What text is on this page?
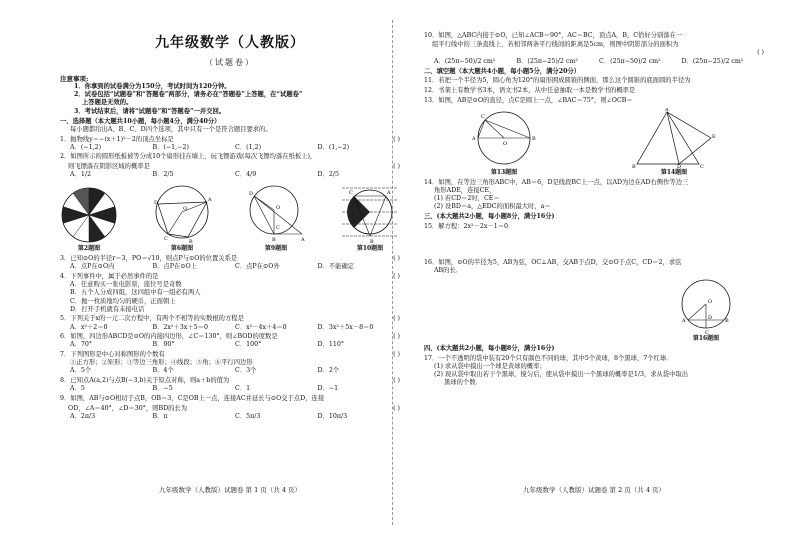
九年级数学（人教版）
（试题卷）
注意事项:
1．你拿到的试卷满分为150分，考试时间为120分钟。
2．试卷包括“试题卷”和“答题卷”两部分，请务必在“答题卷”上答题，在“试题卷”
上答题是无效的。
3．考试结束后，请将“试题卷”和“答题卷”一并交回。
一、选择题（本大题共10小题，每小题4分，满分40分）
每小题都给出A、B、C、D四个选项，其中只有一个是符合题目要求的。
1．抛物线y＝−(x＋1)²－2的顶点坐标是	( )
A．(−1,2)	B．(−1,−2)	C．(1,2)	D．(1,−2)
2．如图所示的圆形纸板被等分成10个扇形挂在墙上，玩飞镖游戏(每次飞镖均落在纸板上)，
则飞镖落在阴影区域的概率是	( )
A．1/2	B．2/5	C．4/9	D．2/5
第2题图
D	A
B
C
O
第6题图
D
O
C
B	A
第9题图
C	A
B
第10题图
3．已知⊙O的半径r＝3，PO＝√10，则点P与⊙O的位置关系是	( )
A．点P在⊙O内	B．点P在⊙O上	C．点P在⊙O外	D．不能确定
4．下列事件中，属于必然事件的是	( )
A．任意购买一张电影票，座位号是奇数
B．五个人分成四组，这四组中有一组必有两人
C．抛一枚质地均匀的硬币，正面朝上
D．打开手机就有未接电话
5．下列关于x的一元二次方程中，有两个不相等的实数根的方程是	( )
A．x²＋2＝0	B．2x²＋3x＋5＝0	C．x²－4x＋4＝0	D．3x²＋5x－8＝0
6．如图，四边形ABCD是⊙O的内接四边形，∠C＝130°，则∠BOD的度数是	( )
A．70°	B．90°	C．100°	D．110°
7．下列图形是中心对称图形的个数有	( )
①正方形；②矩形；③等边三角形；④线段；⑤角；⑥平行四边形
A．5个	B．4个	C．3个	D．2个
8．已知点A(a,2)与点B(−3,b)关于原点对称，则a＋b的值为	( )
A．5	B．−5	C．1	D．−1
9．如图，AB与⊙O相切于点B，OB＝3，C是OB上一点，连接AC并延长与⊙O交于点D，连接
OD，∠A＝40°，∠D＝30°，则BD的长为	( )
A．2π/3	B．π	C．5π/3	D．10π/3
九年级数学（人教版）试题卷 第 1 页（共 4 页）
10．如图，△ABC内接于⊙O，已知∠ACB＝90°，AC＝BC，顶点A，B，C恰好分别落在一
组平行线中的三条直线上，若相邻两条平行线间的距离是5cm，则图中阴影部分的面积为
( )
A．(25π−50)/2 cm²	B．(25π−25)/2 cm²	C．(25π−50)/2 cm²	D．(25π−25)/2 cm²
二、填空题（本大题共4小题，每小题5分，满分20分）
11．若把一个半径为5，圆心角为120°的扇形围成圆锥的侧面，那么这个圆锥的底面圆的半径为
12．书架上有数学书3本，语文书2本，从中任意抽取一本是数学书的概率是
13．如图，AB是⊙O的直径，点C是圆上一点，∠BAC＝75°，则∠OCB＝
A	B
C
O
第13题图
A
B	D	C
E
第14题图
14．如图，在等边三角形ABC中，AB＝6，D是线段BC上一点，以AD为边在AD右侧作等边三
角形ADE，连接CE，
(1) 若CD＝2时，CE＝
(2) 设BD＝a，△EDC的面积最大时，a＝
三、(本大题共2小题，每小题8分，满分16分)
15．解方程：2x²－2x－1＝0．
16．如图，⊙O的半径为5，AB为弦，OC⊥AB，交AB于点D，交⊙O于点C，CD＝2，求弦
AB的长．
A	B
O
D
C
第16题图
四、(本大题共2小题，每小题8分，满分16分)
17．一个不透明的袋中装有20个只有颜色不同的球，其中5个黄球，8个黑球，7个红球．
(1) 求从袋中摸出一个球是黄球的概率；
(2) 现从袋中取出若干个黑球，搅匀后，使从袋中摸出一个黑球的概率是1/3，求从袋中取出
黑球的个数．
九年级数学（人教版）试题卷 第 2 页（共 4 页）
